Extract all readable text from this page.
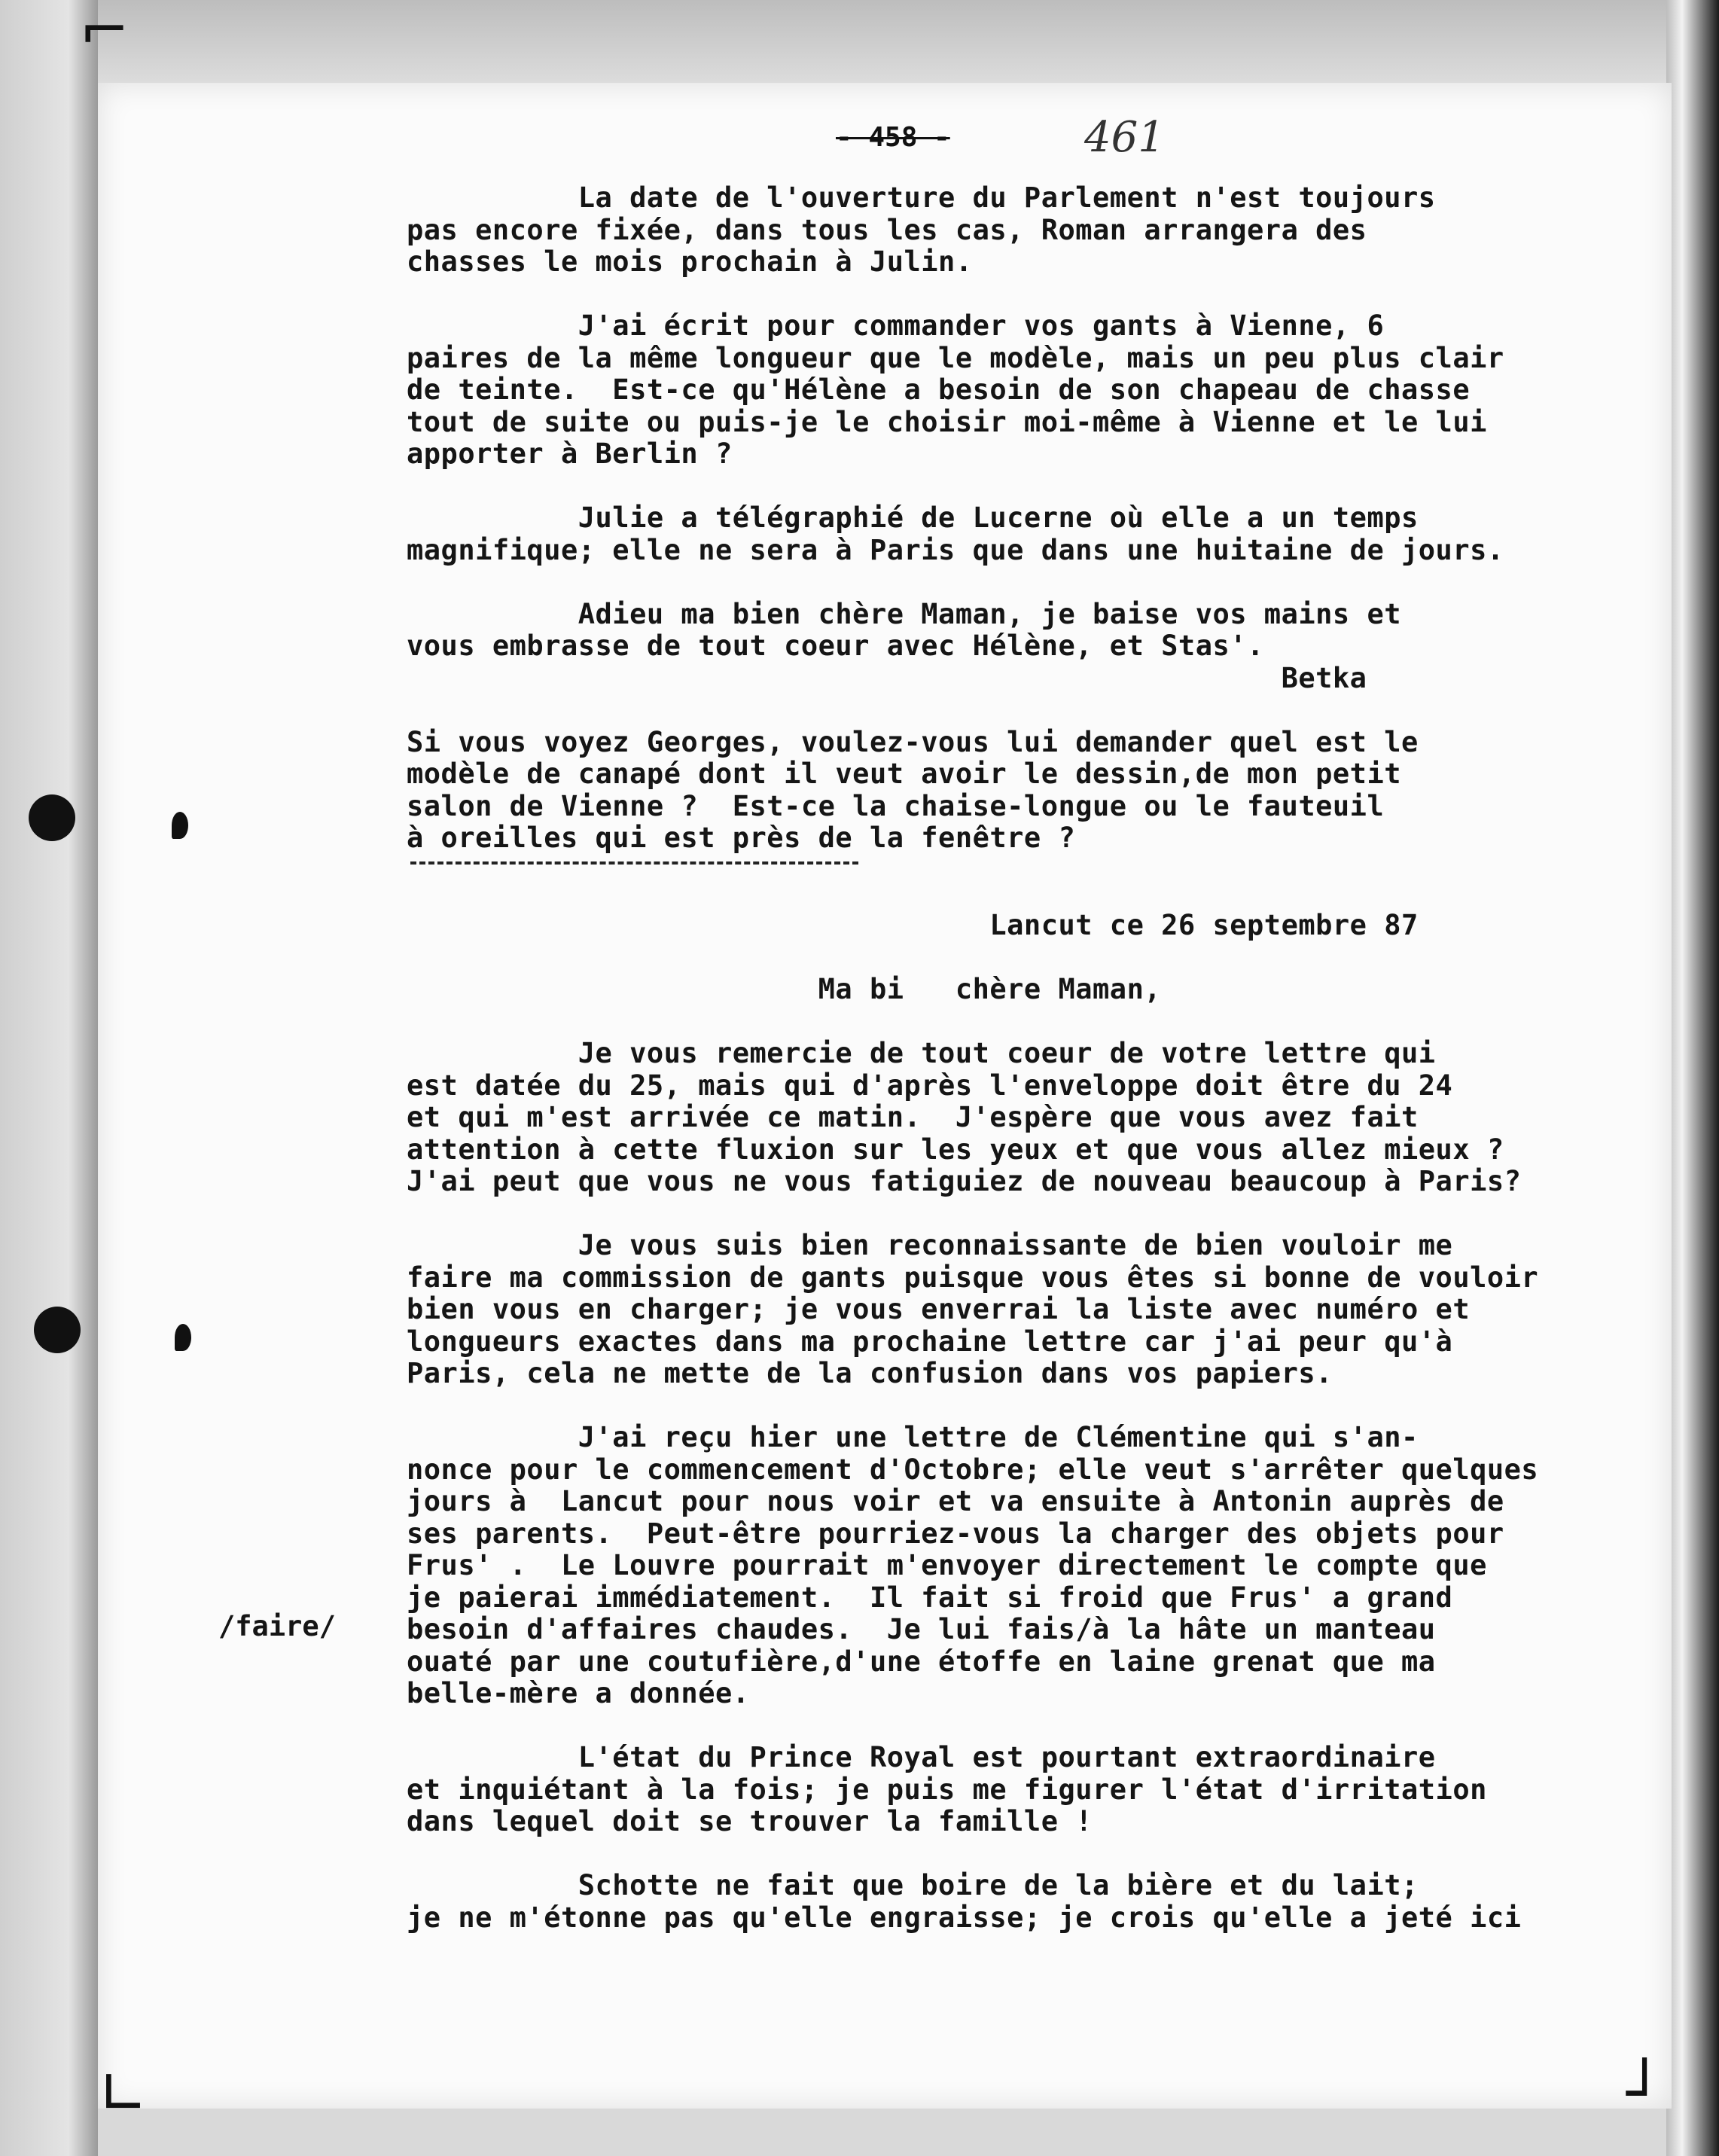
⌐
∟	┘
- 458 -	461
La date de l'ouverture du Parlement n'est toujours
pas encore fixée, dans tous les cas, Roman arrangera des
chasses le mois prochain à Julin.

J'ai écrit pour commander vos gants à Vienne, 6
paires de la même longueur que le modèle, mais un peu plus clair
de teinte.  Est-ce qu'Hélène a besoin de son chapeau de chasse
tout de suite ou puis-je le choisir moi-même à Vienne et le lui
apporter à Berlin ?

Julie a télégraphié de Lucerne où elle a un temps
magnifique; elle ne sera à Paris que dans une huitaine de jours.

Adieu ma bien chère Maman, je baise vos mains et
vous embrasse de tout coeur avec Hélène, et Stas'.
Betka

Si vous voyez Georges, voulez-vous lui demander quel est le
modèle de canapé dont il veut avoir le dessin,de mon petit
salon de Vienne ?  Est-ce la chaise-longue ou le fauteuil
à oreilles qui est près de la fenêtre ?
Lancut ce 26 septembre 87

Ma bi   chère Maman,

Je vous remercie de tout coeur de votre lettre qui
est datée du 25, mais qui d'après l'enveloppe doit être du 24
et qui m'est arrivée ce matin.  J'espère que vous avez fait
attention à cette fluxion sur les yeux et que vous allez mieux ?
J'ai peut que vous ne vous fatiguiez de nouveau beaucoup à Paris?

Je vous suis bien reconnaissante de bien vouloir me
faire ma commission de gants puisque vous êtes si bonne de vouloir
bien vous en charger; je vous enverrai la liste avec numéro et
longueurs exactes dans ma prochaine lettre car j'ai peur qu'à
Paris, cela ne mette de la confusion dans vos papiers.

J'ai reçu hier une lettre de Clémentine qui s'an-
nonce pour le commencement d'Octobre; elle veut s'arrêter quelques
jours à  Lancut pour nous voir et va ensuite à Antonin auprès de
ses parents.  Peut-être pourriez-vous la charger des objets pour
Frus' .  Le Louvre pourrait m'envoyer directement le compte que
je paierai immédiatement.  Il fait si froid que Frus' a grand
besoin d'affaires chaudes.  Je lui fais/à la hâte un manteau
ouaté par une coutufière,d'une étoffe en laine grenat que ma
belle-mère a donnée.

L'état du Prince Royal est pourtant extraordinaire
et inquiétant à la fois; je puis me figurer l'état d'irritation
dans lequel doit se trouver la famille !

Schotte ne fait que boire de la bière et du lait;
je ne m'étonne pas qu'elle engraisse; je crois qu'elle a jeté ici
/faire/
